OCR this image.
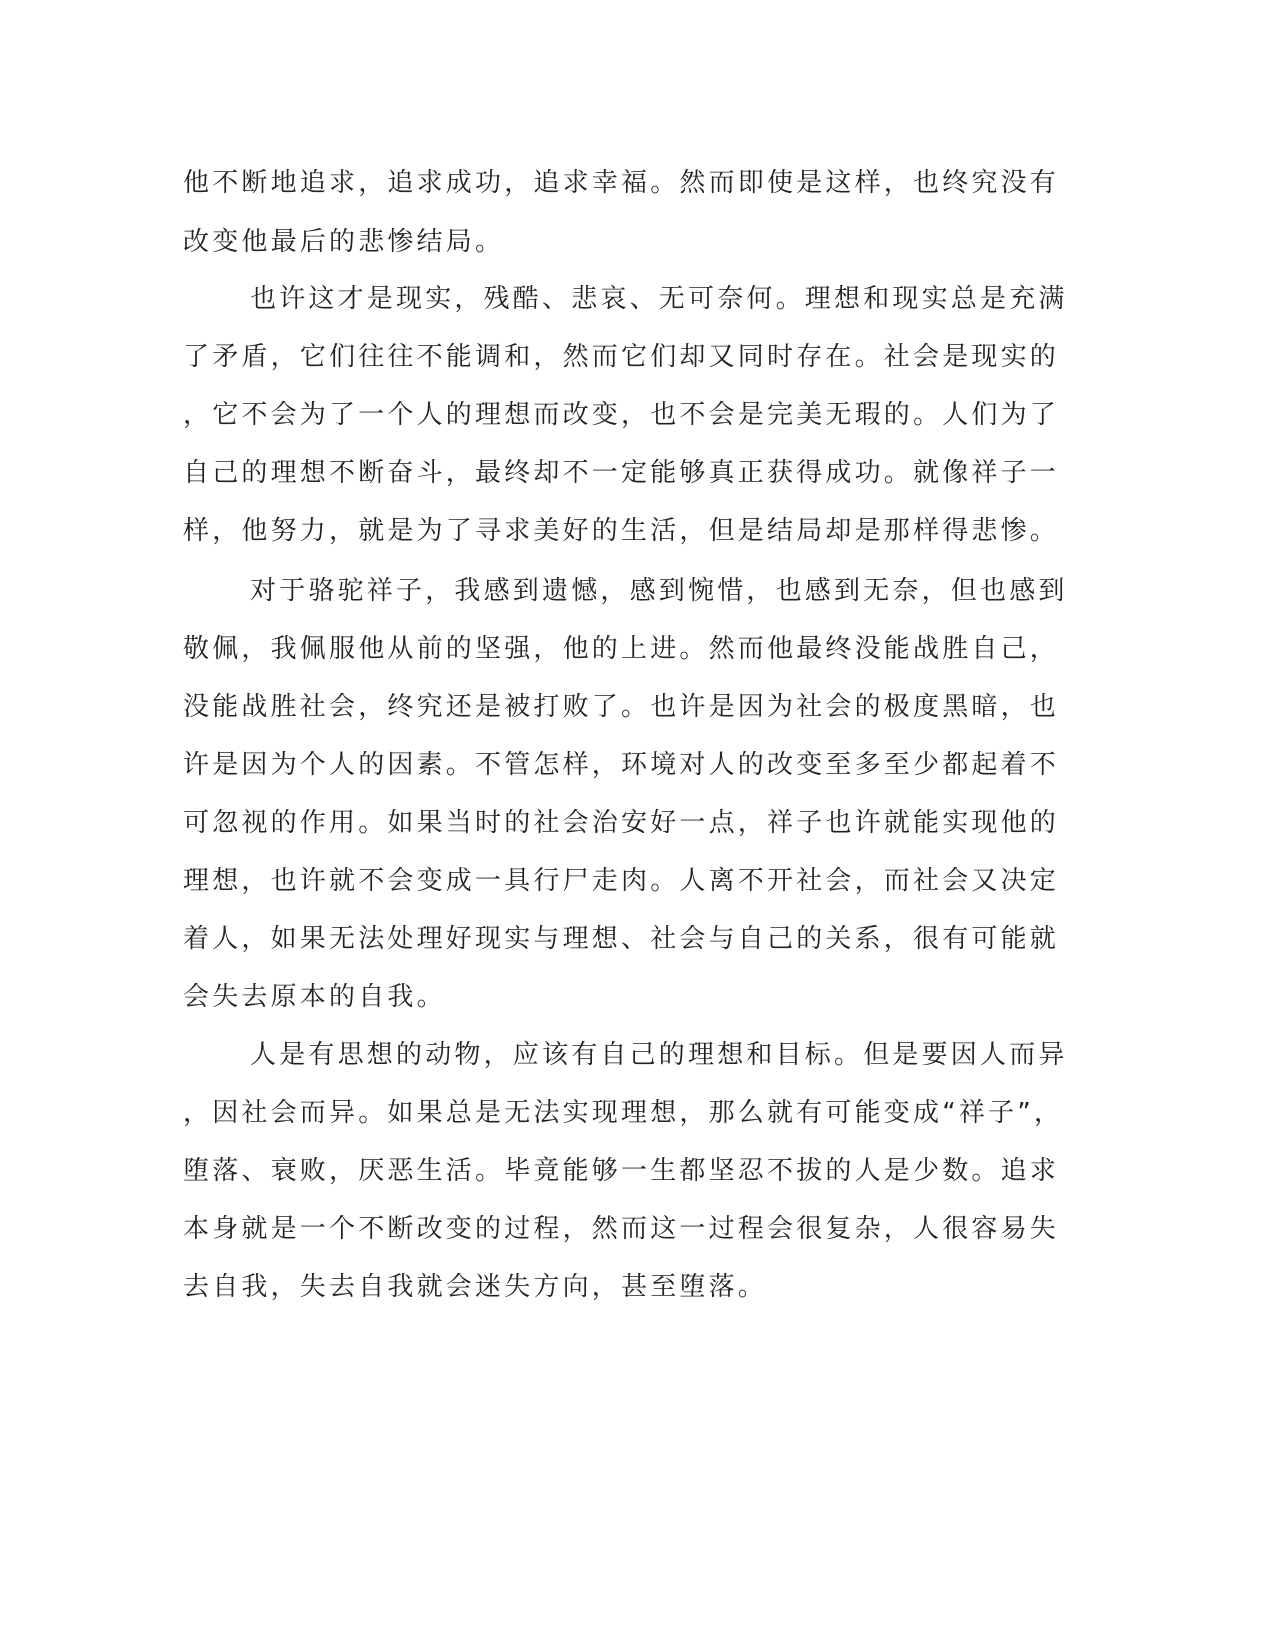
他不断地追求，追求成功，追求幸福。然而即使是这样，也终究没有
改变他最后的悲惨结局。
也许这才是现实，残酷、悲哀、无可奈何。理想和现实总是充满
了矛盾，它们往往不能调和，然而它们却又同时存在。社会是现实的
，它不会为了一个人的理想而改变，也不会是完美无瑕的。人们为了
自己的理想不断奋斗，最终却不一定能够真正获得成功。就像祥子一
样，他努力，就是为了寻求美好的生活，但是结局却是那样得悲惨。
对于骆驼祥子，我感到遗憾，感到惋惜，也感到无奈，但也感到
敬佩，我佩服他从前的坚强，他的上进。然而他最终没能战胜自己，
没能战胜社会，终究还是被打败了。也许是因为社会的极度黑暗，也
许是因为个人的因素。不管怎样，环境对人的改变至多至少都起着不
可忽视的作用。如果当时的社会治安好一点，祥子也许就能实现他的
理想，也许就不会变成一具行尸走肉。人离不开社会，而社会又决定
着人，如果无法处理好现实与理想、社会与自己的关系，很有可能就
会失去原本的自我。
人是有思想的动物，应该有自己的理想和目标。但是要因人而异
，因社会而异。如果总是无法实现理想，那么就有可能变成“祥子”，
堕落、衰败，厌恶生活。毕竟能够一生都坚忍不拔的人是少数。追求
本身就是一个不断改变的过程，然而这一过程会很复杂，人很容易失
去自我，失去自我就会迷失方向，甚至堕落。
